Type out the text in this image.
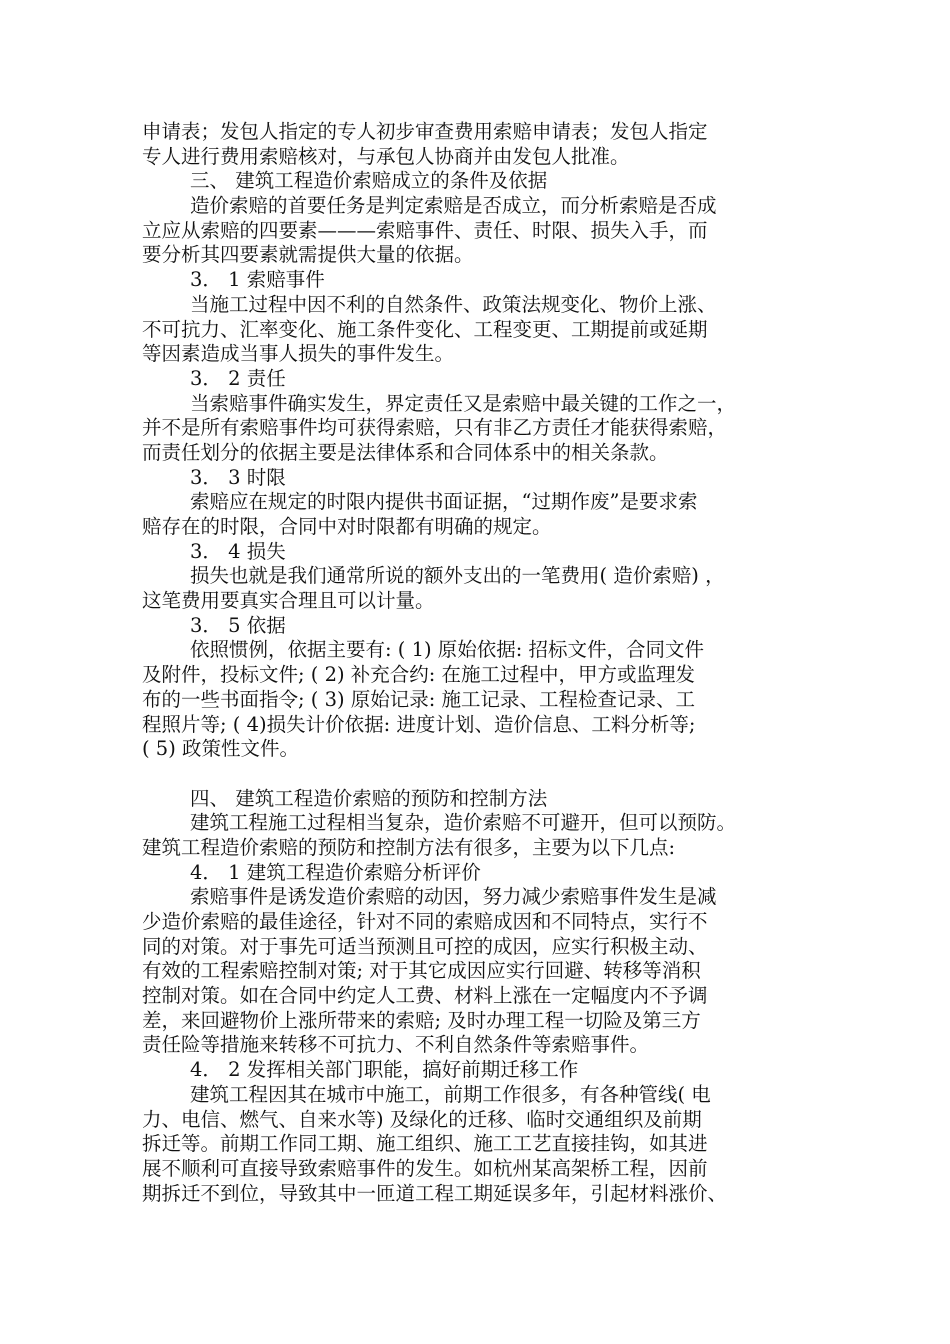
申请表；发包人指定的专人初步审查费用索赔申请表；发包人指定
专人进行费用索赔核对，与承包人协商并由发包人批准。
三、 建筑工程造价索赔成立的条件及依据
造价索赔的首要任务是判定索赔是否成立，而分析索赔是否成
立应从索赔的四要素———索赔事件、责任、时限、损失入手，而
要分析其四要素就需提供大量的依据。
3． 1 索赔事件
当施工过程中因不利的自然条件、政策法规变化、物价上涨、
不可抗力、汇率变化、施工条件变化、工程变更、工期提前或延期
等因素造成当事人损失的事件发生。
3． 2 责任
当索赔事件确实发生，界定责任又是索赔中最关键的工作之一，
并不是所有索赔事件均可获得索赔，只有非乙方责任才能获得索赔，
而责任划分的依据主要是法律体系和合同体系中的相关条款。
3． 3 时限
索赔应在规定的时限内提供书面证据，“过期作废”是要求索
赔存在的时限，合同中对时限都有明确的规定。
3． 4 损失
损失也就是我们通常所说的额外支出的一笔费用( 造价索赔) ，
这笔费用要真实合理且可以计量。
3． 5 依据
依照惯例，依据主要有: ( 1) 原始依据: 招标文件，合同文件
及附件，投标文件; ( 2) 补充合约: 在施工过程中，甲方或监理发
布的一些书面指令; ( 3) 原始记录: 施工记录、工程检查记录、工
程照片等; ( 4)损失计价依据: 进度计划、造价信息、工料分析等;
( 5) 政策性文件。
四、 建筑工程造价索赔的预防和控制方法
建筑工程施工过程相当复杂，造价索赔不可避开，但可以预防。
建筑工程造价索赔的预防和控制方法有很多，主要为以下几点:
4． 1 建筑工程造价索赔分析评价
索赔事件是诱发造价索赔的动因，努力减少索赔事件发生是减
少造价索赔的最佳途径，针对不同的索赔成因和不同特点，实行不
同的对策。对于事先可适当预测且可控的成因，应实行积极主动、
有效的工程索赔控制对策; 对于其它成因应实行回避、转移等消积
控制对策。如在合同中约定人工费、材料上涨在一定幅度内不予调
差，来回避物价上涨所带来的索赔; 及时办理工程一切险及第三方
责任险等措施来转移不可抗力、不利自然条件等索赔事件。
4． 2 发挥相关部门职能，搞好前期迁移工作
建筑工程因其在城市中施工，前期工作很多，有各种管线( 电
力、电信、燃气、自来水等) 及绿化的迁移、临时交通组织及前期
拆迁等。前期工作同工期、施工组织、施工工艺直接挂钩，如其进
展不顺利可直接导致索赔事件的发生。如杭州某高架桥工程，因前
期拆迁不到位，导致其中一匝道工程工期延误多年，引起材料涨价、
